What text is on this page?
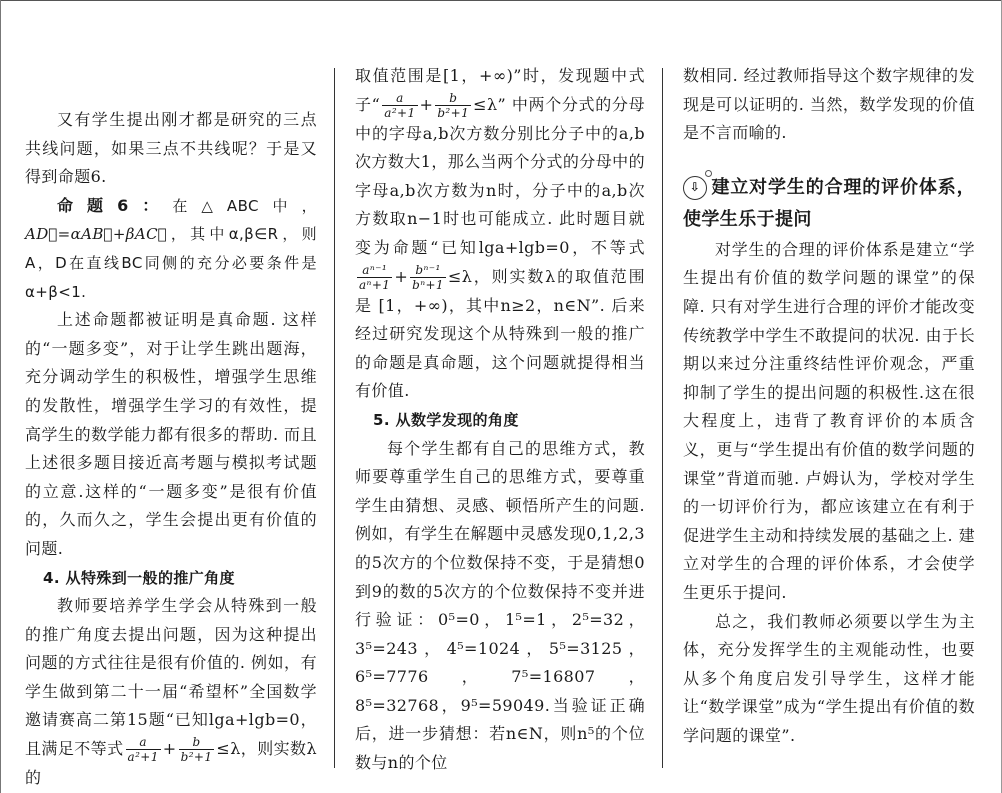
又有学生提出刚才都是研究的三点共线问题，如果三点不共线呢？于是又得到命题6.

命题6：在△ABC中，AD⃗=αAB⃗+βAC⃗，其中α,β∈R，则A，D在直线BC同侧的充分必要条件是α+β<1.

上述命题都被证明是真命题. 这样的“一题多变”，对于让学生跳出题海，充分调动学生的积极性，增强学生思维的发散性，增强学生学习的有效性，提高学生的数学能力都有很多的帮助. 而且上述很多题目接近高考题与模拟考试题的立意.这样的“一题多变”是很有价值的，久而久之，学生会提出更有价值的问题.

4. 从特殊到一般的推广角度

教师要培养学生学会从特殊到一般的推广角度去提出问题，因为这种提出问题的方式往往是很有价值的. 例如，有学生做到第二十一届“希望杯”全国数学邀请赛高二第15题“已知lga+lgb=0，且满足不等式 $\frac{a}{\text{a²+1}} + \frac{b}{\text{b²+1}} \le\lambda$，则实数λ的

取值范围是[1，+∞)”时，发现题中式子“ $\frac{a}{\text{a²+1}} + \frac{b}{\text{b²+1}} \le\lambda$” 中两个分式的分母中的字母a,b次方数分别比分子中的a,b次方数大1，那么当两个分式的分母中的字母a,b次方数为n时，分子中的a,b次方数取n−1时也可能成立. 此时题目就变为命题“已知lga+lgb=0，不等式
$\frac{\text{aⁿ⁻¹}}{\text{aⁿ+1}} + \frac{\text{bⁿ⁻¹}}{\text{bⁿ+1}} \le\lambda$，则实数λ的取值范围是 [1，+∞)，其中n≥2，n∈N”. 后来经过研究发现这个从特殊到一般的推广的命题是真命题，这个问题就提得相当有价值.

5. 从数学发现的角度

每个学生都有自己的思维方式，教师要尊重学生自己的思维方式，要尊重学生由猜想、灵感、顿悟所产生的问题. 例如，有学生在解题中灵感发现0,1,2,3的5次方的个位数保持不变，于是猜想0到9的数的5次方的个位数保持不变并进行验证：0⁵=0，1⁵=1，2⁵=32，3⁵=243，4⁵=1024，5⁵=3125，6⁵=7776，7⁵=16807，8⁵=32768，9⁵=59049.当验证正确后，进一步猜想：若n∈N，则n⁵的个位数与n的个位

数相同. 经过教师指导这个数字规律的发现是可以证明的. 当然，数学发现的价值是不言而喻的.

⇩ 建立对学生的合理的评价体系，使学生乐于提问

对学生的合理的评价体系是建立“学生提出有价值的数学问题的课堂”的保障. 只有对学生进行合理的评价才能改变传统教学中学生不敢提问的状况. 由于长期以来过分注重终结性评价观念，严重抑制了学生的提出问题的积极性.这在很大程度上，违背了教育评价的本质含义，更与“学生提出有价值的数学问题的课堂”背道而驰. 卢姆认为，学校对学生的一切评价行为，都应该建立在有利于促进学生主动和持续发展的基础之上. 建立对学生的合理的评价体系，才会使学生更乐于提问.

总之，我们教师必须要以学生为主体，充分发挥学生的主观能动性，也要从多个角度启发引导学生，这样才能让“数学课堂”成为“学生提出有价值的数学问题的课堂”.
